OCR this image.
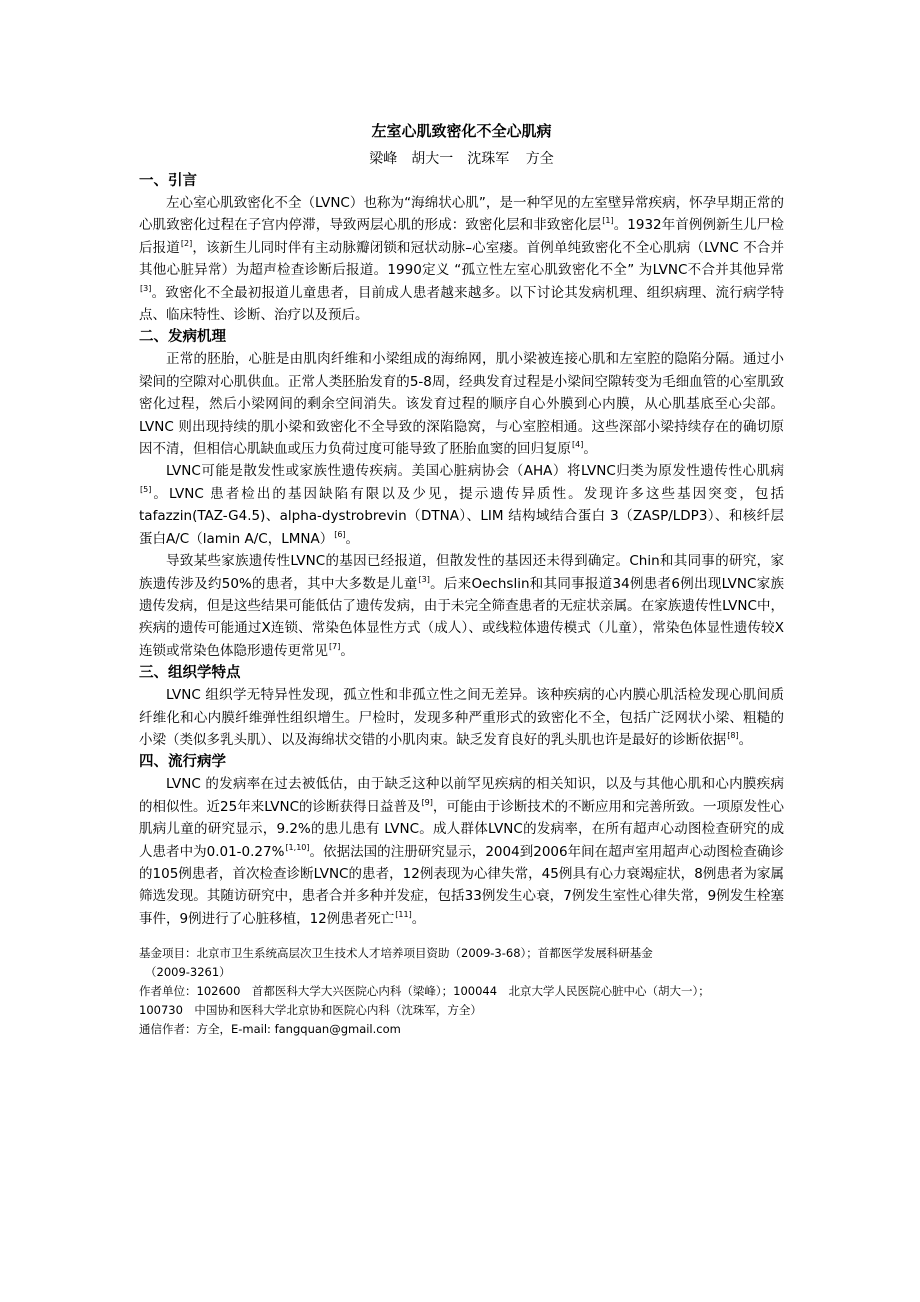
左室心肌致密化不全心肌病

梁峰　胡大一　沈珠军 方全

一、引言

左心室心肌致密化不全（LVNC）也称为“海绵状心肌”，是一种罕见的左室壁异常疾病，怀孕早期正常的心肌致密化过程在子宫内停滞，导致两层心肌的形成：致密化层和非致密化层[1]。1932年首例例新生儿尸检后报道[2]，该新生儿同时伴有主动脉瓣闭锁和冠状动脉–心室瘘。首例单纯致密化不全心肌病（LVNC 不合并其他心脏异常）为超声检查诊断后报道。1990定义 “孤立性左室心肌致密化不全” 为LVNC不合并其他异常[3]。致密化不全最初报道儿童患者，目前成人患者越来越多。以下讨论其发病机理、组织病理、流行病学特点、临床特性、诊断、治疗以及预后。

二、发病机理

正常的胚胎，心脏是由肌肉纤维和小梁组成的海绵网，肌小梁被连接心肌和左室腔的隐陷分隔。通过小梁间的空隙对心肌供血。正常人类胚胎发育的5-8周，经典发育过程是小梁间空隙转变为毛细血管的心室肌致密化过程，然后小梁网间的剩余空间消失。该发育过程的顺序自心外膜到心内膜，从心肌基底至心尖部。LVNC 则出现持续的肌小梁和致密化不全导致的深陷隐窝，与心室腔相通。这些深部小梁持续存在的确切原因不清，但相信心肌缺血或压力负荷过度可能导致了胚胎血窦的回归复原[4]。

LVNC可能是散发性或家族性遗传疾病。美国心脏病协会（AHA）将LVNC归类为原发性遗传性心肌病[5]。LVNC 患者检出的基因缺陷有限以及少见，提示遗传异质性。发现许多这些基因突变，包括 tafazzin(TAZ-G4.5)、alpha-dystrobrevin（DTNA）、LIM 结构域结合蛋白 3（ZASP/LDP3）、和核纤层蛋白A/C（lamin A/C，LMNA）[6]。

导致某些家族遗传性LVNC的基因已经报道，但散发性的基因还未得到确定。Chin和其同事的研究，家族遗传涉及约50%的患者，其中大多数是儿童[3]。后来Oechslin和其同事报道34例患者6例出现LVNC家族遗传发病，但是这些结果可能低估了遗传发病，由于未完全筛查患者的无症状亲属。在家族遗传性LVNC中，疾病的遗传可能通过X连锁、常染色体显性方式（成人）、或线粒体遗传模式（儿童），常染色体显性遗传较X连锁或常染色体隐形遗传更常见[7]。

三、组织学特点

LVNC 组织学无特异性发现，孤立性和非孤立性之间无差异。该种疾病的心内膜心肌活检发现心肌间质纤维化和心内膜纤维弹性组织增生。尸检时，发现多种严重形式的致密化不全，包括广泛网状小梁、粗糙的小梁（类似多乳头肌）、以及海绵状交错的小肌肉束。缺乏发育良好的乳头肌也许是最好的诊断依据[8]。

四、流行病学

LVNC 的发病率在过去被低估，由于缺乏这种以前罕见疾病的相关知识，以及与其他心肌和心内膜疾病的相似性。近25年来LVNC的诊断获得日益普及[9]，可能由于诊断技术的不断应用和完善所致。一项原发性心肌病儿童的研究显示，9.2%的患儿患有 LVNC。成人群体LVNC的发病率，在所有超声心动图检查研究的成人患者中为0.01-0.27%[1,10]。依据法国的注册研究显示，2004到2006年间在超声室用超声心动图检查确诊的105例患者，首次检查诊断LVNC的患者，12例表现为心律失常，45例具有心力衰竭症状，8例患者为家属筛选发现。其随访研究中，患者合并多种并发症，包括33例发生心衰，7例发生室性心律失常，9例发生栓塞事件，9例进行了心脏移植，12例患者死亡[11]。

基金项目：北京市卫生系统高层次卫生技术人才培养项目资助（2009-3-68）；首都医学发展科研基金

（2009-3261）

作者单位：102600　首都医科大学大兴医院心内科（梁峰）；100044　北京大学人民医院心脏中心（胡大一）；

100730　中国协和医科大学北京协和医院心内科（沈珠军，方全）

通信作者：方全，E-mail: fangquan@gmail.com
